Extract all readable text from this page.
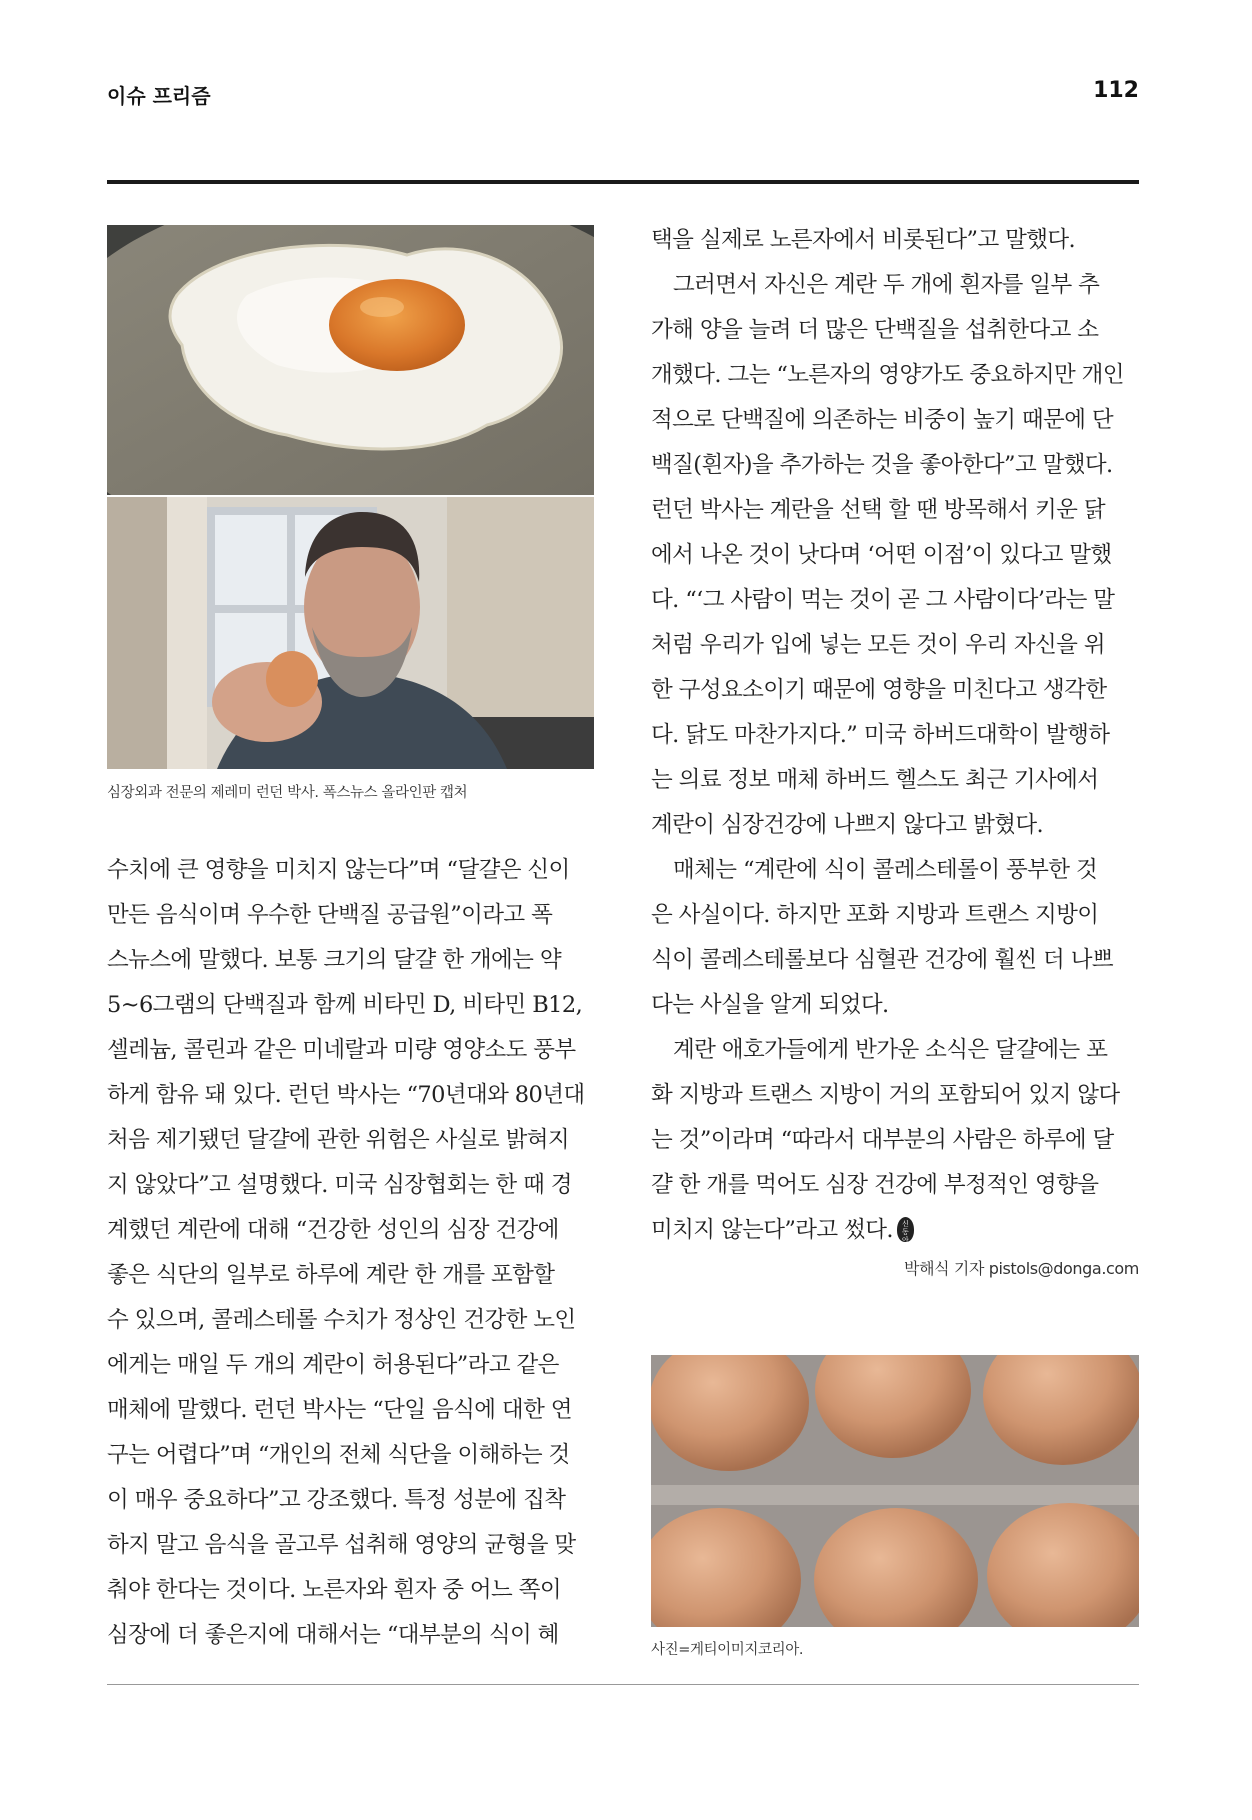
이슈 프리즘	112
심장외과 전문의 제레미 런던 박사. 폭스뉴스 올라인판 캡처
수치에 큰 영향을 미치지 않는다”며 “달걀은 신이
만든 음식이며 우수한 단백질 공급원”이라고 폭
스뉴스에 말했다. 보통 크기의 달걀 한 개에는 약
5~6그램의 단백질과 함께 비타민 D, 비타민 B12,
셀레늄, 콜린과 같은 미네랄과 미량 영양소도 풍부
하게 함유 돼 있다. 런던 박사는 “70년대와 80년대
처음 제기됐던 달걀에 관한 위험은 사실로 밝혀지
지 않았다”고 설명했다. 미국 심장협회는 한 때 경
계했던 계란에 대해 “건강한 성인의 심장 건강에
좋은 식단의 일부로 하루에 계란 한 개를 포함할
수 있으며, 콜레스테롤 수치가 정상인 건강한 노인
에게는 매일 두 개의 계란이 허용된다”라고 같은
매체에 말했다. 런던 박사는 “단일 음식에 대한 연
구는 어렵다”며 “개인의 전체 식단을 이해하는 것
이 매우 중요하다”고 강조했다. 특정 성분에 집착
하지 말고 음식을 골고루 섭취해 영양의 균형을 맞
춰야 한다는 것이다. 노른자와 흰자 중 어느 쪽이
심장에 더 좋은지에 대해서는 “대부분의 식이 혜
택을 실제로 노른자에서 비롯된다”고 말했다.
그러면서 자신은 계란 두 개에 흰자를 일부 추
가해 양을 늘려 더 많은 단백질을 섭취한다고 소
개했다. 그는 “노른자의 영양가도 중요하지만 개인
적으로 단백질에 의존하는 비중이 높기 때문에 단
백질(흰자)을 추가하는 것을 좋아한다”고 말했다.
런던 박사는 계란을 선택 할 땐 방목해서 키운 닭
에서 나온 것이 낫다며 ‘어떤 이점’이 있다고 말했
다. “‘그 사람이 먹는 것이 곧 그 사람이다’라는 말
처럼 우리가 입에 넣는 모든 것이 우리 자신을 위
한 구성요소이기 때문에 영향을 미친다고 생각한
다. 닭도 마찬가지다.” 미국 하버드대학이 발행하
는 의료 정보 매체 하버드 헬스도 최근 기사에서
계란이 심장건강에 나쁘지 않다고 밝혔다.
매체는 “계란에 식이 콜레스테롤이 풍부한 것
은 사실이다. 하지만 포화 지방과 트랜스 지방이
식이 콜레스테롤보다 심혈관 건강에 훨씬 더 나쁘
다는 사실을 알게 되었다.
계란 애호가들에게 반가운 소식은 달걀에는 포
화 지방과 트랜스 지방이 거의 포함되어 있지 않다
는 것”이라며 “따라서 대부분의 사람은 하루에 달
걀 한 개를 먹어도 심장 건강에 부정적인 영향을
미치지 않는다”라고 썼다.	신
동
아
박해식 기자 pistols@donga.com
사진=게티이미지코리아.
